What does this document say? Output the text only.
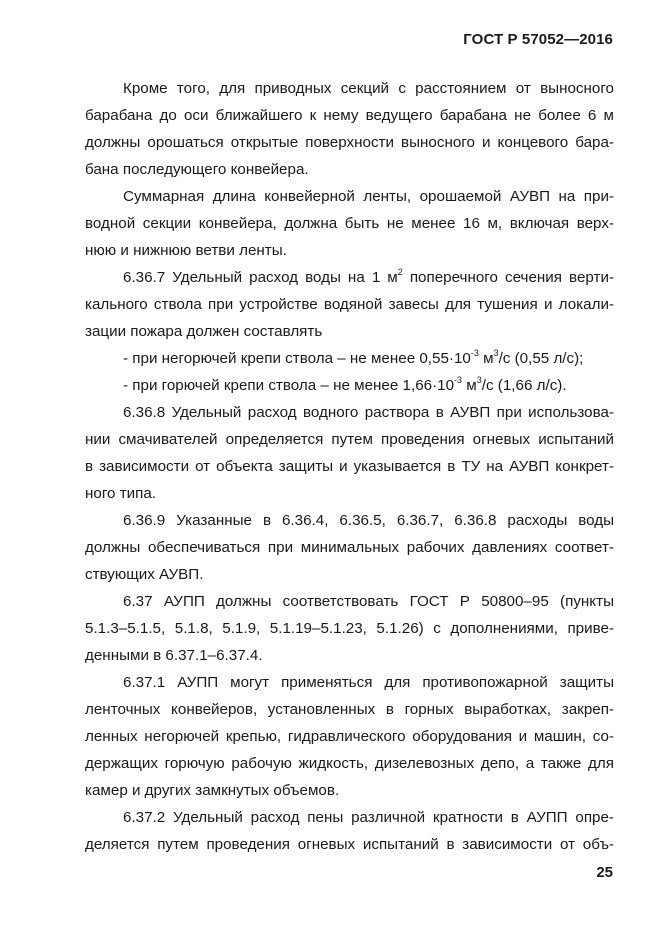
ГОСТ Р 57052—2016
Кроме того, для приводных секций с расстоянием от выносного
барабана до оси ближайшего к нему ведущего барабана не более 6 м
должны орошаться открытые поверхности выносного и концевого бара-
бана последующего конвейера.
Суммарная длина конвейерной ленты, орошаемой АУВП на при-
водной секции конвейера, должна быть не менее 16 м, включая верх-
нюю и нижнюю ветви ленты.
6.36.7 Удельный расход воды на 1 $м^2$ поперечного сечения верти-
кального ствола при устройстве водяной завесы для тушения и локали-
зации пожара должен составлять
- при негорючей крепи ствола – не менее $0,55\cdot 10^{-3}$ $м^3/с$ (0,55 л/с);
- при горючей крепи ствола – не менее $1,66\cdot 10^{-3}$ $м^3/с$ (1,66 л/с).
6.36.8 Удельный расход водного раствора в АУВП при использова-
нии смачивателей определяется путем проведения огневых испытаний
в зависимости от объекта защиты и указывается в ТУ на АУВП конкрет-
ного типа.
6.36.9 Указанные в 6.36.4, 6.36.5, 6.36.7, 6.36.8 расходы воды
должны обеспечиваться при минимальных рабочих давлениях соответ-
ствующих АУВП.
6.37 АУПП должны соответствовать ГОСТ Р 50800–95 (пункты
5.1.3–5.1.5, 5.1.8, 5.1.9, 5.1.19–5.1.23, 5.1.26) с дополнениями, приве-
денными в 6.37.1–6.37.4.
6.37.1 АУПП могут применяться для противопожарной защиты
ленточных конвейеров, установленных в горных выработках, закреп-
ленных негорючей крепью, гидравлического оборудования и машин, со-
держащих горючую рабочую жидкость, дизелевозных депо, а также для
камер и других замкнутых объемов.
6.37.2 Удельный расход пены различной кратности в АУПП опре-
деляется путем проведения огневых испытаний в зависимости от объ-
25
